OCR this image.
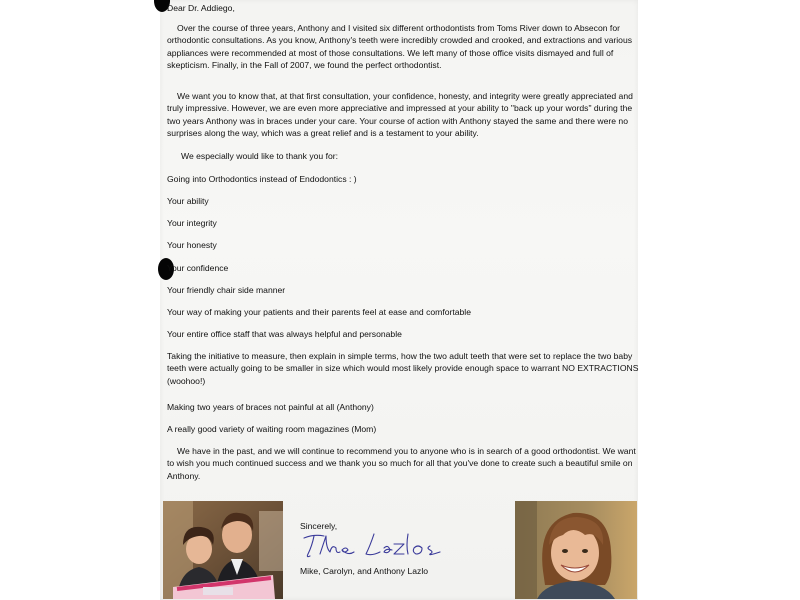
Dear Dr. Addiego,
Over the course of three years, Anthony and I visited six different orthodontists from Toms River down to Absecon for orthodontic consultations. As you know, Anthony's teeth were incredibly crowded and crooked, and extractions and various appliances were recommended at most of those consultations. We left many of those office visits dismayed and full of skepticism. Finally, in the Fall of 2007, we found the perfect orthodontist.
We want you to know that, at that first consultation, your confidence, honesty, and integrity were greatly appreciated and truly impressive. However, we are even more appreciative and impressed at your ability to "back up your words" during the two years Anthony was in braces under your care. Your course of action with Anthony stayed the same and there were no surprises along the way, which was a great relief and is a testament to your ability.
We especially would like to thank you for:
Going into Orthodontics instead of Endodontics : )
Your ability
Your integrity
Your honesty
Your confidence
Your friendly chair side manner
Your way of making your patients and their parents feel at ease and comfortable
Your entire office staff that was always helpful and personable
Taking the initiative to measure, then explain in simple terms, how the two adult teeth that were set to replace the two baby teeth were actually going to be smaller in size which would most likely provide enough space to warrant NO EXTRACTIONS (woohoo!)
Making two years of braces not painful at all (Anthony)
A really good variety of waiting room magazines (Mom)
We have in the past, and we will continue to recommend you to anyone who is in search of a good orthodontist. We want to wish you much continued success and we thank you so much for all that you've done to create such a beautiful smile on Anthony.
Sincerely,
Mike, Carolyn, and Anthony Lazlo
